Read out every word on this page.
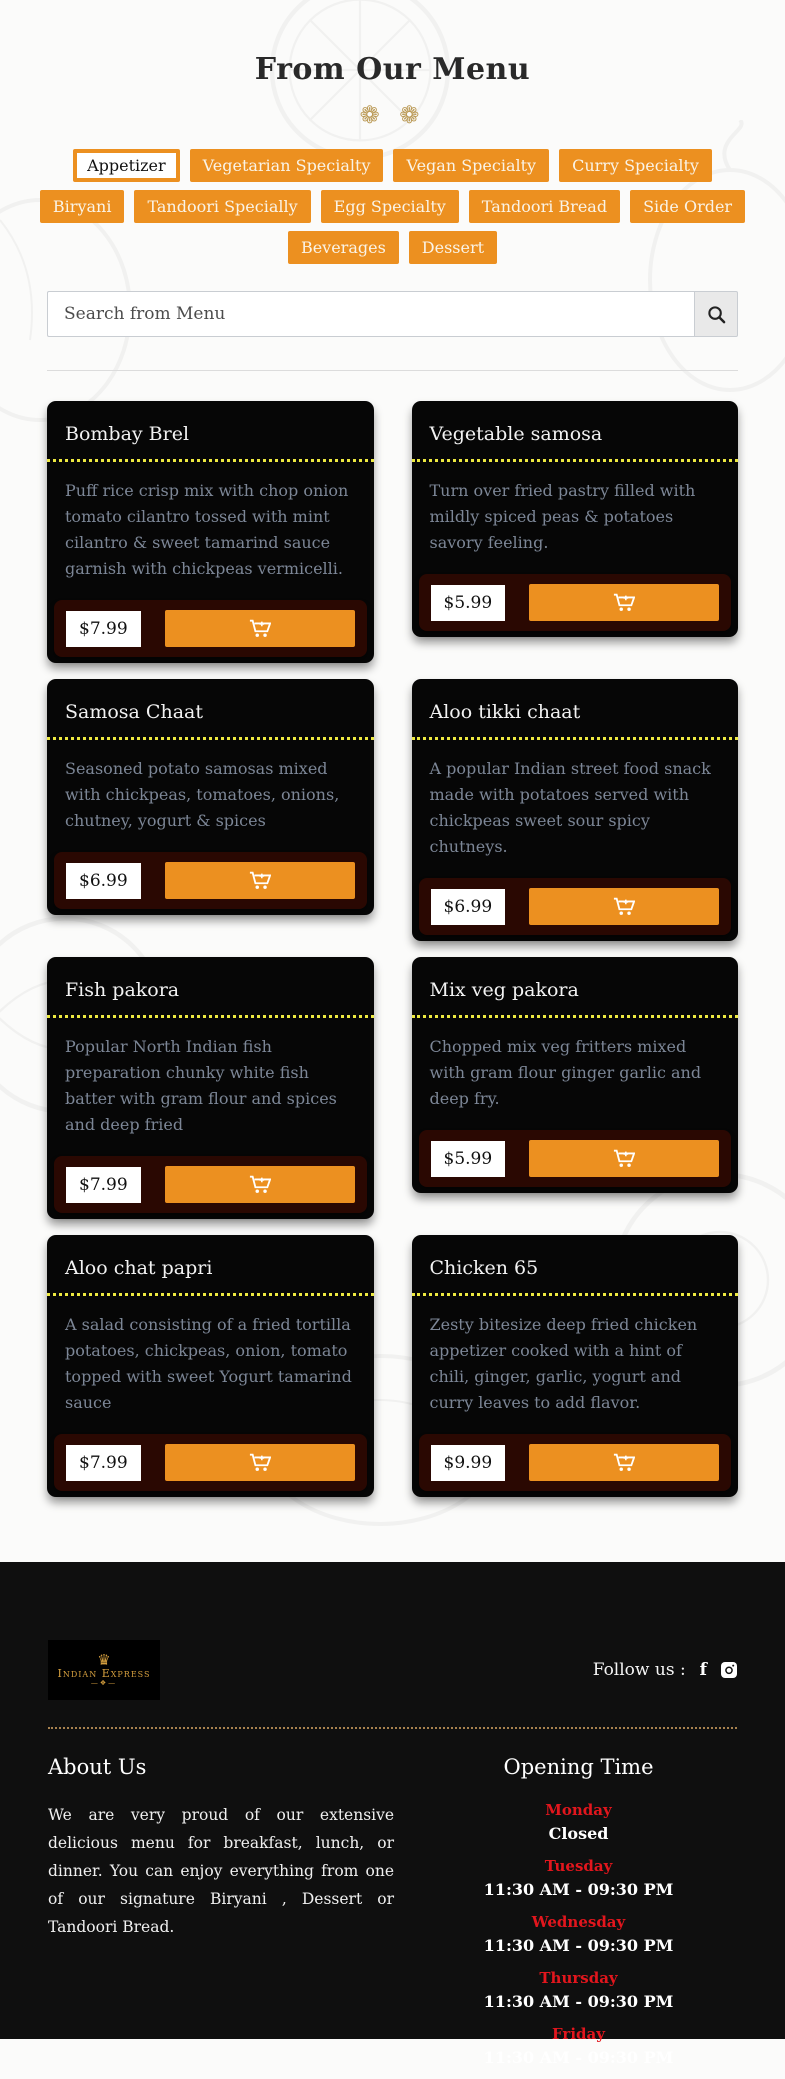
From Our Menu
❁ ❁
Appetizer	Vegetarian Specialty	Vegan Specialty	Curry Specialty
Biryani	Tandoori Specially	Egg Specialty	Tandoori Bread	Side Order
Beverages	Dessert
Search from Menu
Bombay Brel
Puff rice crisp mix with chop onion tomato cilantro tossed with mint cilantro & sweet tamarind sauce garnish with chickpeas vermicelli.
$7.99
Vegetable samosa
Turn over fried pastry filled with mildly spiced peas & potatoes savory feeling.
$5.99
Samosa Chaat
Seasoned potato samosas mixed with chickpeas, tomatoes, onions, chutney, yogurt & spices
$6.99
Aloo tikki chaat
A popular Indian street food snack made with potatoes served with chickpeas sweet sour spicy chutneys.
$6.99
Fish pakora
Popular North Indian fish preparation chunky white fish batter with gram flour and spices and deep fried
$7.99
Mix veg pakora
Chopped mix veg fritters mixed with gram flour ginger garlic and deep fry.
$5.99
Aloo chat papri
A salad consisting of a fried tortilla potatoes, chickpeas, onion, tomato topped with sweet Yogurt tamarind sauce
$7.99
Chicken 65
Zesty bitesize deep fried chicken appetizer cooked with a hint of chili, ginger, garlic, yogurt and curry leaves to add flavor.
$9.99
♛
Indian Express
—❖—
Follow us : f
About Us

We are very proud of our extensive delicious menu for breakfast, lunch, or dinner. You can enjoy everything from one of our signature Biryani , Dessert or Tandoori Bread.

Opening Time
Monday
Closed
Tuesday
11:30 AM - 09:30 PM
Wednesday
11:30 AM - 09:30 PM
Thursday
11:30 AM - 09:30 PM
Friday
11:30 AM - 09:30 PM
